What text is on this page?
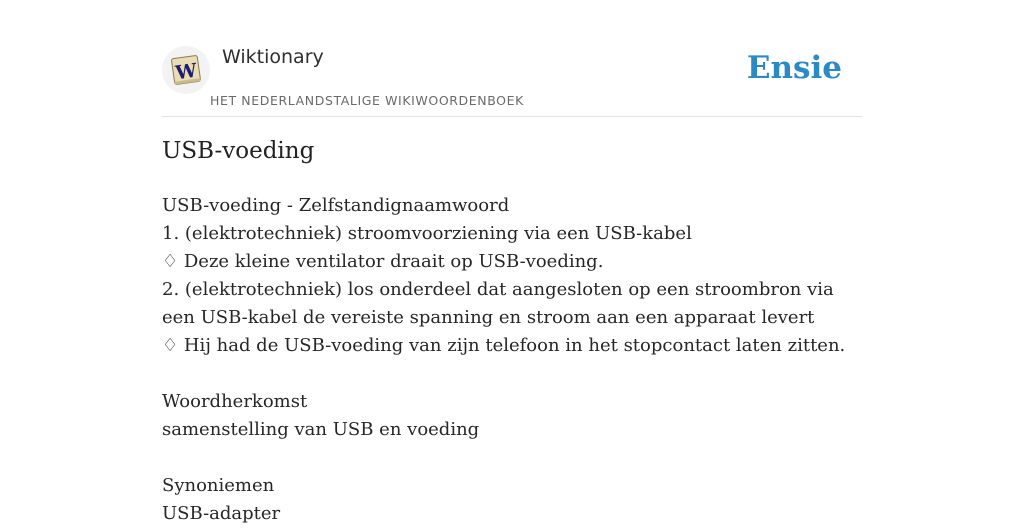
W
Wiktionary
HET NEDERLANDSTALIGE WIKIWOORDENBOEK
Ensie
USB-voeding

USB-voeding - Zelfstandignaamwoord

1. (elektrotechniek) stroomvoorziening via een USB-kabel

♢ Deze kleine ventilator draait op USB-voeding.

2. (elektrotechniek) los onderdeel dat aangesloten op een stroombron via een USB-kabel de vereiste spanning en stroom aan een apparaat levert

♢ Hij had de USB-voeding van zijn telefoon in het stopcontact laten zitten.

Woordherkomst

samenstelling van USB en voeding

Synoniemen

USB-adapter
